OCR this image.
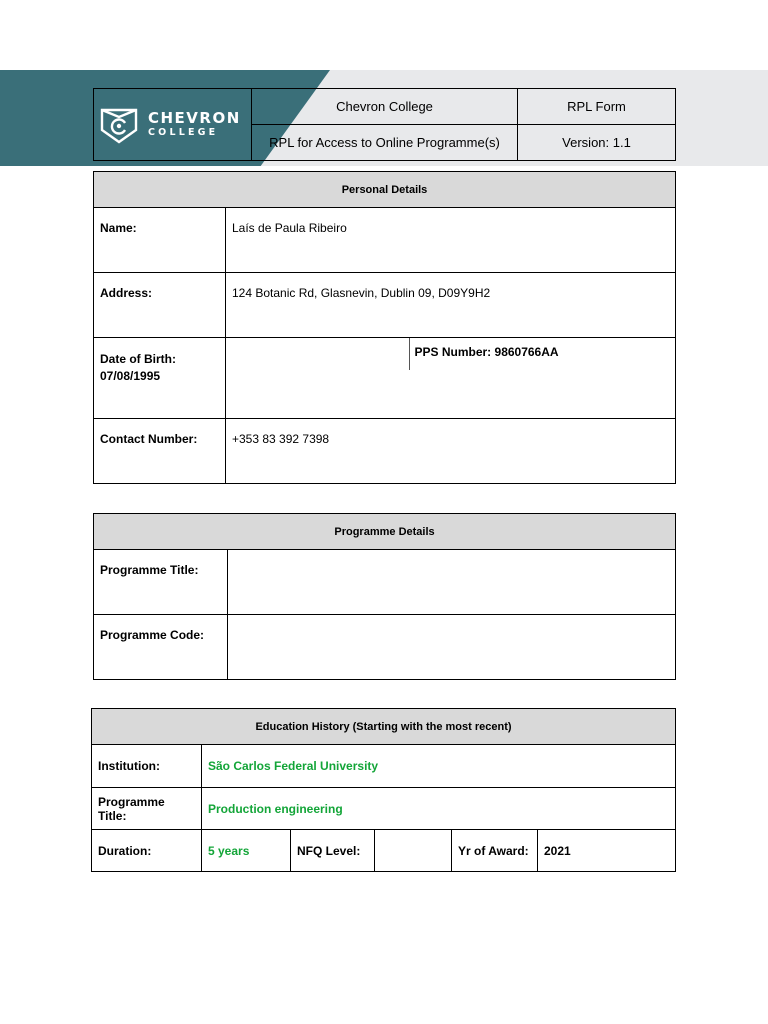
CHEVRON
COLLEGE	Chevron College	RPL Form
	RPL for Access to Online Programme(s)	Version: 1.1
Personal Details		
Name:	Laís de Paula Ribeiro	
Address:	124 Botanic Rd, Glasnevin, Dublin 09, D09Y9H2	

Date of Birth:
07/08/1995		PPS Number: 9860766AA

Contact Number:	+353 83 392 7398	
Programme Details	
Programme Title:	
Programme Code:	
Education History (Starting with the most recent)					
Institution:	São Carlos Federal University				
Programme Title:	Production engineering				
Duration:	5 years	NFQ Level:		Yr of Award:	2021
